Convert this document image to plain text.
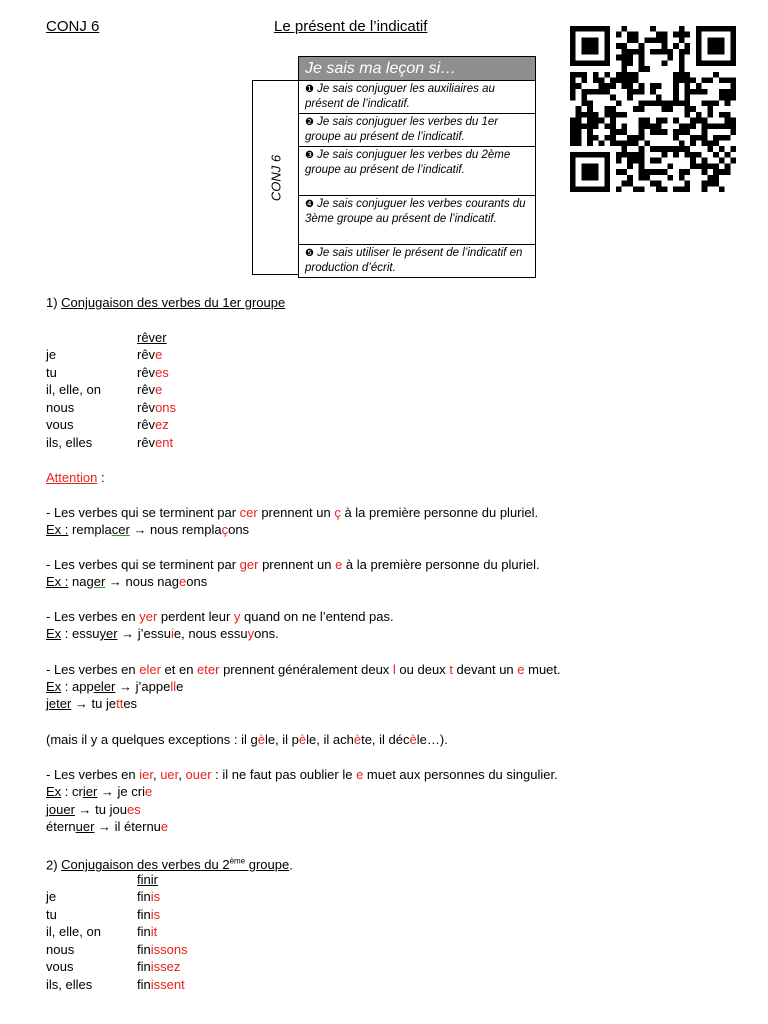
CONJ 6	Le présent de l’indicatif
CONJ 6
Je sais ma leçon si…
❶ Je sais conjuguer les auxiliaires au présent de l’indicatif.
❷ Je sais conjuguer les verbes du 1er groupe au présent de l’indicatif.
❸ Je sais conjuguer les verbes du 2ème groupe au présent de l’indicatif.
❹ Je sais conjuguer les verbes courants du 3ème groupe au présent de l’indicatif.
❺ Je sais utiliser le présent de l’indicatif en production d’écrit.
1) Conjugaison des verbes du 1er groupe
rêver
je	rêve
tu	rêves
il, elle, on	rêve
nous	rêvons
vous	rêvez
ils, elles	rêvent
Attention :
- Les verbes qui se terminent par cer prennent un ç à la première personne du pluriel.
Ex : remplacer → nous remplaçons
- Les verbes qui se terminent par ger prennent un e à la première personne du pluriel.
Ex : nager → nous nageons
- Les verbes en yer perdent leur y quand on ne l’entend pas.
Ex : essuyer → j’essuie, nous essuyons.
- Les verbes en eler et en eter prennent généralement deux l ou deux t devant un e muet.
Ex : appeler → j’appelle
jeter → tu jettes
(mais il y a quelques exceptions : il gèle, il pèle, il achète, il décèle…).
- Les verbes en ier, uer, ouer : il ne faut pas oublier le e muet aux personnes du singulier.
Ex : crier → je crie
jouer → tu joues
éternuer → il éternue
2) Conjugaison des verbes du 2ème groupe.
finir
je	finis
tu	finis
il, elle, on	finit
nous	finissons
vous	finissez
ils, elles	finissent
